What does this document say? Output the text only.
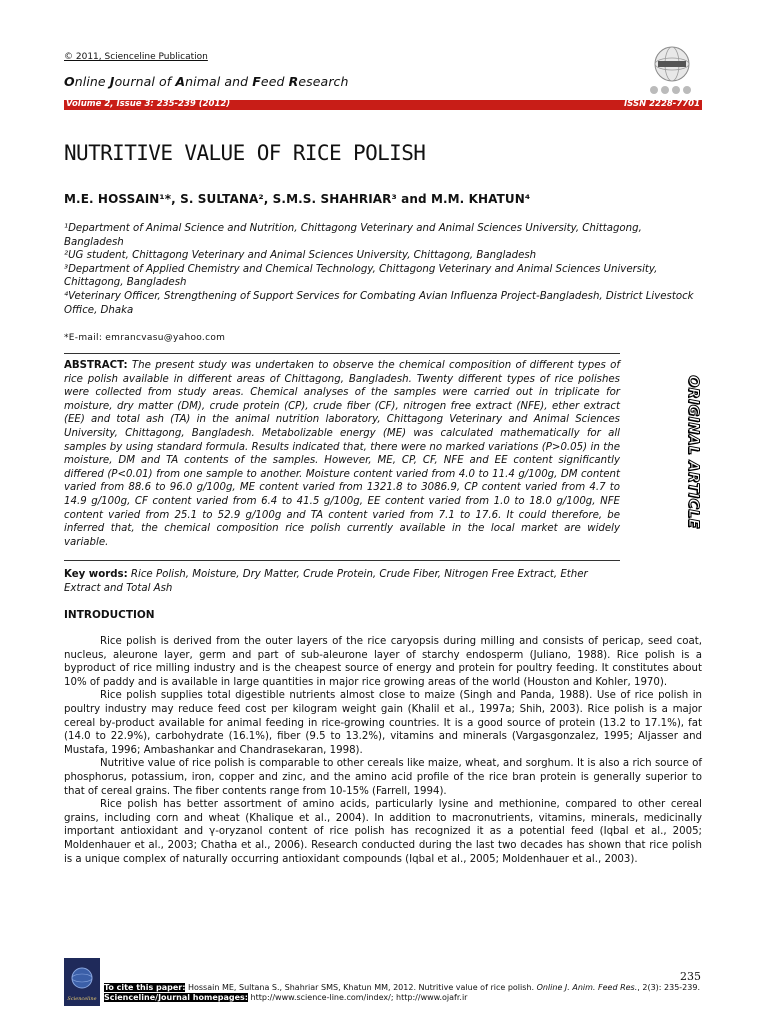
© 2011, Scienceline Publication
Online Journal of Animal and Feed Research
Volume 2, Issue 3: 235-239 (2012)	ISSN 2228-7701
NUTRITIVE VALUE OF RICE POLISH
M.E. HOSSAIN¹*, S. SULTANA², S.M.S. SHAHRIAR³ and M.M. KHATUN⁴
¹Department of Animal Science and Nutrition, Chittagong Veterinary and Animal Sciences University, Chittagong, Bangladesh
²UG student, Chittagong Veterinary and Animal Sciences University, Chittagong, Bangladesh
³Department of Applied Chemistry and Chemical Technology, Chittagong Veterinary and Animal Sciences University, Chittagong, Bangladesh
⁴Veterinary Officer, Strengthening of Support Services for Combating Avian Influenza Project-Bangladesh, District Livestock Office, Dhaka
*E-mail: emrancvasu@yahoo.com
ABSTRACT: The present study was undertaken to observe the chemical composition of different types of rice polish available in different areas of Chittagong, Bangladesh. Twenty different types of rice polishes were collected from study areas. Chemical analyses of the samples were carried out in triplicate for moisture, dry matter (DM), crude protein (CP), crude fiber (CF), nitrogen free extract (NFE), ether extract (EE) and total ash (TA) in the animal nutrition laboratory, Chittagong Veterinary and Animal Sciences University, Chittagong, Bangladesh. Metabolizable energy (ME) was calculated mathematically for all samples by using standard formula. Results indicated that, there were no marked variations (P>0.05) in the moisture, DM and TA contents of the samples. However, ME, CP, CF, NFE and EE content significantly differed (P<0.01) from one sample to another. Moisture content varied from 4.0 to 11.4 g/100g, DM content varied from 88.6 to 96.0 g/100g, ME content varied from 1321.8 to 3086.9, CP content varied from 4.7 to 14.9 g/100g, CF content varied from 6.4 to 41.5 g/100g, EE content varied from 1.0 to 18.0 g/100g, NFE content varied from 25.1 to 52.9 g/100g and TA content varied from 7.1 to 17.6. It could therefore, be inferred that, the chemical composition rice polish currently available in the local market are widely variable.
Key words: Rice Polish, Moisture, Dry Matter, Crude Protein, Crude Fiber, Nitrogen Free Extract, Ether Extract and Total Ash
ORIGINAL ARTICLE
INTRODUCTION

Rice polish is derived from the outer layers of the rice caryopsis during milling and consists of pericap, seed coat, nucleus, aleurone layer, germ and part of sub-aleurone layer of starchy endosperm (Juliano, 1988). Rice polish is a byproduct of rice milling industry and is the cheapest source of energy and protein for poultry feeding. It constitutes about 10% of paddy and is available in large quantities in major rice growing areas of the world (Houston and Kohler, 1970).

Rice polish supplies total digestible nutrients almost close to maize (Singh and Panda, 1988). Use of rice polish in poultry industry may reduce feed cost per kilogram weight gain (Khalil et al., 1997a; Shih, 2003). Rice polish is a major cereal by-product available for animal feeding in rice-growing countries. It is a good source of protein (13.2 to 17.1%), fat (14.0 to 22.9%), carbohydrate (16.1%), fiber (9.5 to 13.2%), vitamins and minerals (Vargasgonzalez, 1995; Aljasser and Mustafa, 1996; Ambashankar and Chandrasekaran, 1998).

Nutritive value of rice polish is comparable to other cereals like maize, wheat, and sorghum. It is also a rich source of phosphorus, potassium, iron, copper and zinc, and the amino acid profile of the rice bran protein is generally superior to that of cereal grains. The fiber contents range from 10-15% (Farrell, 1994).

Rice polish has better assortment of amino acids, particularly lysine and methionine, compared to other cereal grains, including corn and wheat (Khalique et al., 2004). In addition to macronutrients, vitamins, minerals, medicinally important antioxidant and γ-oryzanol content of rice polish has recognized it as a potential feed (Iqbal et al., 2005; Moldenhauer et al., 2003; Chatha et al., 2006). Research conducted during the last two decades has shown that rice polish is a unique complex of naturally occurring antioxidant compounds (Iqbal et al., 2005; Moldenhauer et al., 2003).

Scienceline
To cite this paper: Hossain ME, Sultana S., Shahriar SMS, Khatun MM, 2012. Nutritive value of rice polish. Online J. Anim. Feed Res., 2(3): 235-239.
Scienceline/Journal homepages: http://www.science-line.com/index/; http://www.ojafr.ir
235
